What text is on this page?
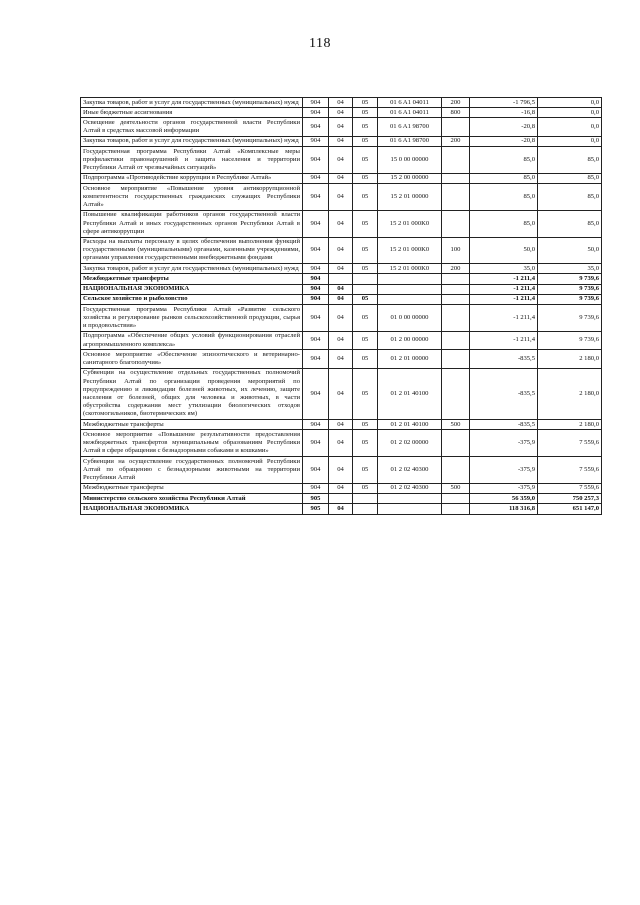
118
Закупка товаров, работ и услуг для государственных (муниципальных) нужд	904	04	05	01 6 A1 04011	200	-1 796,5	0,0
Иные бюджетные ассигнования	904	04	05	01 6 A1 04011	800	-16,8	0,0
Освещение деятельности органов государственной власти Республики Алтай в средствах массовой информации	904	04	05	01 6 A1 98700		-20,8	0,0
Закупка товаров, работ и услуг для государственных (муниципальных) нужд	904	04	05	01 6 A1 98700	200	-20,8	0,0
Государственная программа Республики Алтай «Комплексные меры профилактики правонарушений и защита населения и территории Республики Алтай от чрезвычайных ситуаций»	904	04	05	15 0 00 00000		85,0	85,0
Подпрограмма «Противодействие коррупции в Республике Алтай»	904	04	05	15 2 00 00000		85,0	85,0
Основное мероприятие «Повышение уровня антикоррупционной компетентности государственных гражданских служащих Республики Алтай»	904	04	05	15 2 01 00000		85,0	85,0
Повышение квалификации работников органов государственной власти Республики Алтай и иных государственных органов Республики Алтай в сфере антикоррупции	904	04	05	15 2 01 000K0		85,0	85,0
Расходы на выплаты персоналу в целях обеспечения выполнения функций государственными (муниципальными) органами, казенными учреждениями, органами управления государственными внебюджетными фондами	904	04	05	15 2 01 000K0	100	50,0	50,0
Закупка товаров, работ и услуг для государственных (муниципальных) нужд	904	04	05	15 2 01 000K0	200	35,0	35,0
Межбюджетные трансферты	904					-1 211,4	9 739,6
НАЦИОНАЛЬНАЯ ЭКОНОМИКА	904	04				-1 211,4	9 739,6
Сельское хозяйство и рыболовство	904	04	05			-1 211,4	9 739,6
Государственная программа Республики Алтай «Развитие сельского хозяйства и регулирование рынков сельскохозяйственной продукции, сырья и продовольствия»	904	04	05	01 0 00 00000		-1 211,4	9 739,6
Подпрограмма «Обеспечение общих условий функционирования отраслей агропромышленного комплекса»	904	04	05	01 2 00 00000		-1 211,4	9 739,6
Основное мероприятие «Обеспечение эпизоотического и ветеринарно-санитарного благополучия»	904	04	05	01 2 01 00000		-835,5	2 180,0
Субвенции на осуществление отдельных государственных полномочий Республики Алтай по организации проведения мероприятий по предупреждению и ликвидации болезней животных, их лечению, защите населения от болезней, общих для человека и животных, в части обустройства содержания мест утилизации биологических отходов (скотомогильников, биотермических ям)	904	04	05	01 2 01 40100		-835,5	2 180,0
Межбюджетные трансферты	904	04	05	01 2 01 40100	500	-835,5	2 180,0
Основное мероприятие «Повышение результативности предоставления межбюджетных трансфертов муниципальным образованиям Республики Алтай в сфере обращения с безнадзорными собаками и кошками»	904	04	05	01 2 02 00000		-375,9	7 559,6
Субвенции на осуществление государственных полномочий Республики Алтай по обращению с безнадзорными животными на территории Республики Алтай	904	04	05	01 2 02 40300		-375,9	7 559,6
Межбюджетные трансферты	904	04	05	01 2 02 40300	500	-375,9	7 559,6
Министерство сельского хозяйства Республики Алтай	905					56 359,0	750 257,3
НАЦИОНАЛЬНАЯ ЭКОНОМИКА	905	04				118 316,8	651 147,0
